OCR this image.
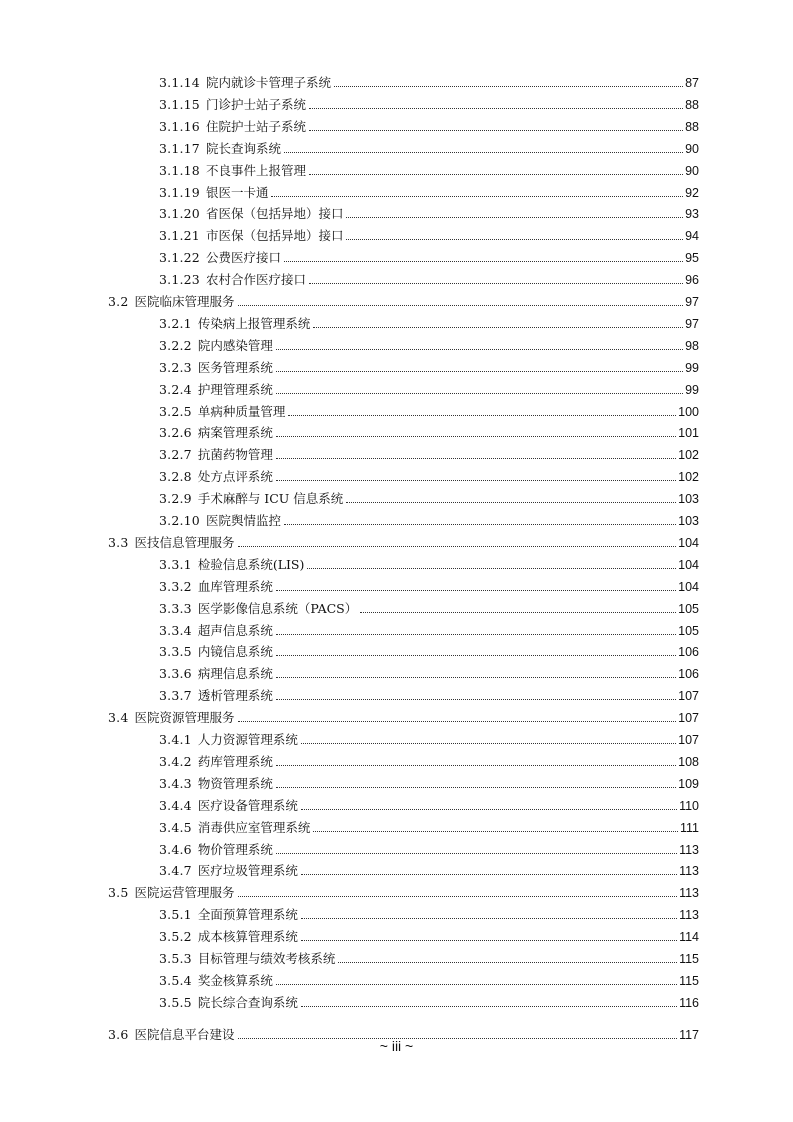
3.1.14 院内就诊卡管理子系统	87
3.1.15 门诊护士站子系统	88
3.1.16 住院护士站子系统	88
3.1.17 院长查询系统	90
3.1.18 不良事件上报管理	90
3.1.19 银医一卡通	92
3.1.20 省医保（包括异地）接口	93
3.1.21 市医保（包括异地）接口	94
3.1.22 公费医疗接口	95
3.1.23 农村合作医疗接口	96
3.2 医院临床管理服务	97
3.2.1 传染病上报管理系统	97
3.2.2 院内感染管理	98
3.2.3 医务管理系统	99
3.2.4 护理管理系统	99
3.2.5 单病种质量管理	100
3.2.6 病案管理系统	101
3.2.7 抗菌药物管理	102
3.2.8 处方点评系统	102
3.2.9 手术麻醉与 ICU 信息系统	103
3.2.10 医院舆情监控	103
3.3 医技信息管理服务	104
3.3.1 检验信息系统(LIS)	104
3.3.2 血库管理系统	104
3.3.3 医学影像信息系统（PACS）	105
3.3.4 超声信息系统	105
3.3.5 内镜信息系统	106
3.3.6 病理信息系统	106
3.3.7 透析管理系统	107
3.4 医院资源管理服务	107
3.4.1 人力资源管理系统	107
3.4.2 药库管理系统	108
3.4.3 物资管理系统	109
3.4.4 医疗设备管理系统	110
3.4.5 消毒供应室管理系统	111
3.4.6 物价管理系统	113
3.4.7 医疗垃圾管理系统	113
3.5 医院运营管理服务	113
3.5.1 全面预算管理系统	113
3.5.2 成本核算管理系统	114
3.5.3 目标管理与绩效考核系统	115
3.5.4 奖金核算系统	115
3.5.5 院长综合查询系统	116
3.6 医院信息平台建设	117
~ iii ~
